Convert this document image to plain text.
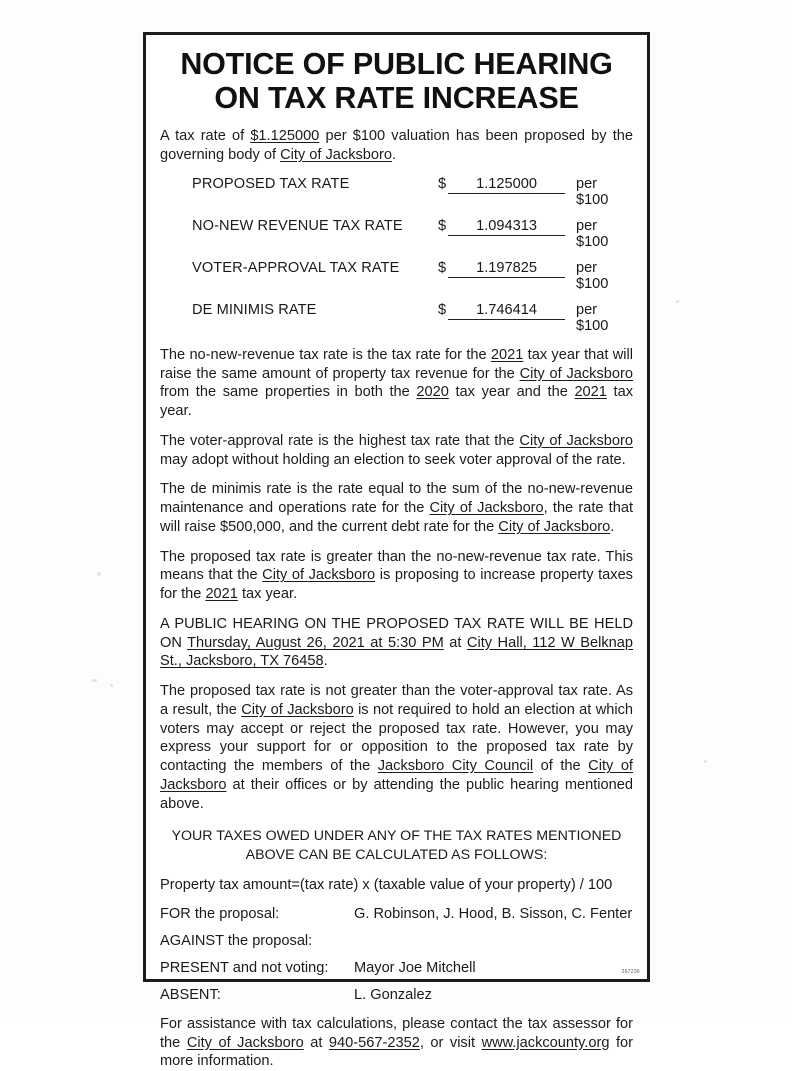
NOTICE OF PUBLIC HEARING
ON TAX RATE INCREASE

A tax rate of $1.125000 per $100 valuation has been proposed by the governing body of City of Jacksboro.

PROPOSED TAX RATE	$	1.125000	per $100
NO-NEW REVENUE TAX RATE	$	1.094313	per $100
VOTER-APPROVAL TAX RATE	$	1.197825	per $100
DE MINIMIS RATE	$	1.746414	per $100

The no-new-revenue tax rate is the tax rate for the 2021 tax year that will raise the same amount of property tax revenue for the City of Jacksboro from the same properties in both the 2020 tax year and the 2021 tax year.

The voter-approval rate is the highest tax rate that the City of Jacksboro may adopt without holding an election to seek voter approval of the rate.

The de minimis rate is the rate equal to the sum of the no-new-revenue maintenance and operations rate for the City of Jacksboro, the rate that will raise $500,000, and the current debt rate for the City of Jacksboro.

The proposed tax rate is greater than the no-new-revenue tax rate. This means that the City of Jacksboro is proposing to increase property taxes for the 2021 tax year.

A PUBLIC HEARING ON THE PROPOSED TAX RATE WILL BE HELD ON Thursday, August 26, 2021 at 5:30 PM at City Hall, 112 W Belknap St., Jacksboro, TX 76458.

The proposed tax rate is not greater than the voter-approval tax rate. As a result, the City of Jacksboro is not required to hold an election at which voters may accept or reject the proposed tax rate. However, you may express your support for or opposition to the proposed tax rate by contacting the members of the Jacksboro City Council of the City of Jacksboro at their offices or by attending the public hearing mentioned above.

YOUR TAXES OWED UNDER ANY OF THE TAX RATES MENTIONED
ABOVE CAN BE CALCULATED AS FOLLOWS:
Property tax amount=(tax rate) x (taxable value of your property) / 100
FOR the proposal:	G. Robinson, J. Hood, B. Sisson, C. Fenter
AGAINST the proposal:
PRESENT and not voting:	Mayor Joe Mitchell
ABSENT:	L. Gonzalez

For assistance with tax calculations, please contact the tax assessor for the City of Jacksboro at 940-567-2352, or visit www.jackcounty.org for more information.

267236
